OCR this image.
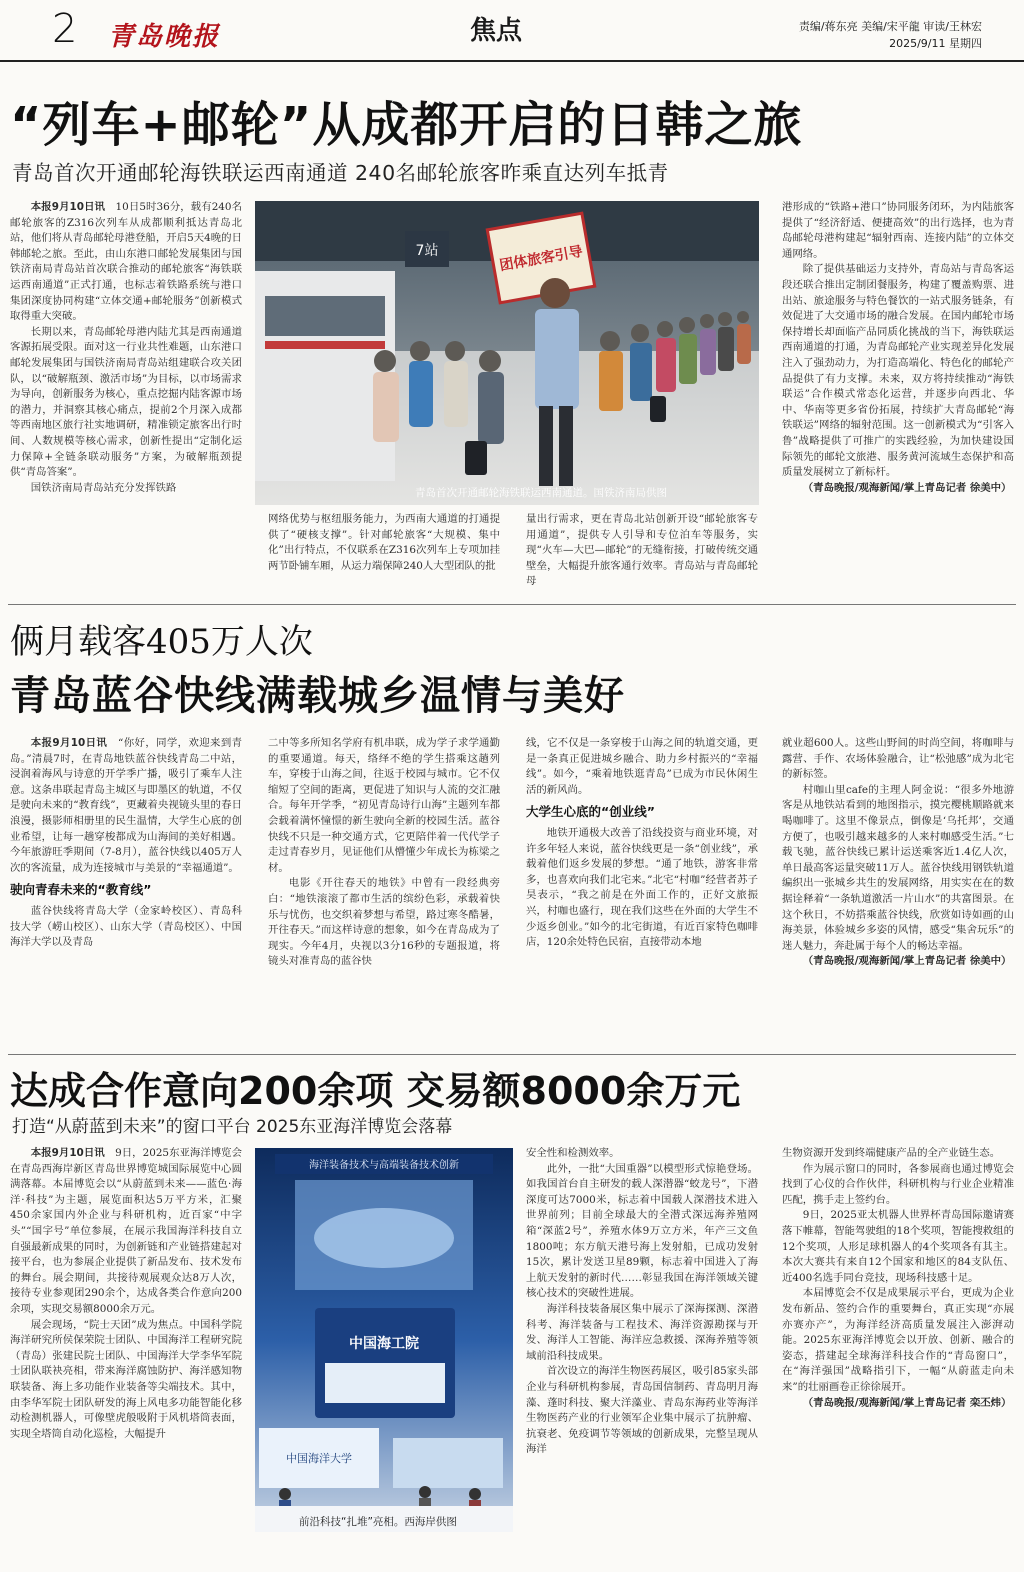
2 青岛晚报	焦点	责编/蒋东亮 美编/宋平龍 审读/王林宏
2025/9/11 星期四
“列车+邮轮”从成都开启的日韩之旅
青岛首次开通邮轮海铁联运西南通道 240名邮轮旅客昨乘直达列车抵青

本报9月10日讯　 10日5时36分，载有240名邮轮旅客的Z316次列车从成都顺利抵达青岛北站，他们将从青岛邮轮母港登船，开启5天4晚的日韩邮轮之旅。至此，由山东港口邮轮发展集团与国铁济南局青岛站首次联合推动的邮轮旅客“海铁联运西南通道”正式打通，也标志着铁路系统与港口集团深度协同构建“立体交通+邮轮服务”创新模式取得重大突破。

长期以来，青岛邮轮母港内陆尤其是西南通道客源拓展受限。面对这一行业共性难题，山东港口邮轮发展集团与国铁济南局青岛站组建联合攻关团队，以“破解瓶颈、激活市场”为目标，以市场需求为导向，创新服务为核心，重点挖掘内陆客源市场的潜力，并洞察其核心痛点，提前2个月深入成都等西南地区旅行社实地调研，精准锁定旅客出行时间、人数规模等核心需求，创新性提出“定制化运力保障+全链条联动服务”方案，为破解瓶颈提供“青岛答案”。

国铁济南局青岛站充分发挥铁路

7站	团体旅客引导
青岛首次开通邮轮海铁联运西南通道。国铁济南局供图

网络优势与枢纽服务能力，为西南大通道的打通提供了“硬核支撑”。针对邮轮旅客“大规模、集中化”出行特点，不仅联系在Z316次列车上专项加挂两节卧铺车厢，从运力端保障240人大型团队的批

量出行需求，更在青岛北站创新开设“邮轮旅客专用通道”，提供专人引导和专位泊车等服务，实现“火车—大巴—邮轮”的无缝衔接，打破传统交通壁垒，大幅提升旅客通行效率。青岛站与青岛邮轮母

港形成的“铁路+港口”协同服务闭环，为内陆旅客提供了“经济舒适、便捷高效”的出行选择，也为青岛邮轮母港构建起“辐射西南、连接内陆”的立体交通网络。

除了提供基础运力支持外，青岛站与青岛客运段还联合推出定制团餐服务，构建了覆盖购票、进出站、旅途服务与特色餐饮的一站式服务链条，有效促进了大交通市场的融合发展。在国内邮轮市场保持增长却面临产品同质化挑战的当下，海铁联运西南通道的打通，为青岛邮轮产业实现差异化发展注入了强劲动力，为打造高端化、特色化的邮轮产品提供了有力支撑。未来，双方将持续推动“海铁联运”合作模式常态化运营，并逐步向西北、华中、华南等更多省份拓展，持续扩大青岛邮轮“海铁联运”网络的辐射范围。这一创新模式为“引客入鲁”战略提供了可推广的实践经验，为加快建设国际领先的邮轮文旅港、服务黄河流域生态保护和高质量发展树立了新标杆。

（青岛晚报/观海新闻/掌上青岛记者 徐美中）

俩月载客405万人次
青岛蓝谷快线满载城乡温情与美好

本报9月10日讯　 “你好，同学，欢迎来到青岛。”清晨7时，在青岛地铁蓝谷快线青岛二中站，浸润着海风与诗意的开学季广播，吸引了乘车人注意。这条串联起青岛主城区与即墨区的轨道，不仅是驶向未来的“教育线”，更藏着央视镜头里的春日浪漫，摄影师相册里的民生温情，大学生心底的创业希望，让每一趟穿梭都成为山海间的美好相遇。今年旅游旺季期间（7-8月），蓝谷快线以405万人次的客流量，成为连接城市与美景的“幸福通道”。

驶向青春未来的“教育线”

蓝谷快线将青岛大学（金家岭校区）、青岛科技大学（崂山校区）、山东大学（青岛校区）、中国海洋大学以及青岛

二中等多所知名学府有机串联，成为学子求学通勤的重要通道。每天，络绎不绝的学生搭乘这趟列车，穿梭于山海之间，往返于校园与城市。它不仅缩短了空间的距离，更促进了知识与人流的交汇融合。每年开学季，“初见青岛诗行山海”主题列车都会载着满怀憧憬的新生驶向全新的校园生活。蓝谷快线不只是一种交通方式，它更陪伴着一代代学子走过青春岁月，见证他们从懵懂少年成长为栋梁之材。

电影《开往春天的地铁》中曾有一段经典旁白：“地铁滚滚了都市生活的缤纷色彩，承载着快乐与忧伤，也交织着梦想与希望，路过寒冬酷暑，开往春天。”而这样诗意的想象，如今在青岛成为了现实。今年4月，央视以3分16秒的专题报道，将镜头对准青岛的蓝谷快

线，它不仅是一条穿梭于山海之间的轨道交通，更是一条真正促进城乡融合、助力乡村振兴的“幸福线”。如今，“乘着地铁逛青岛”已成为市民休闲生活的新风尚。

大学生心底的“创业线”

地铁开通极大改善了沿线投资与商业环境，对许多年轻人来说，蓝谷快线更是一条“创业线”，承载着他们返乡发展的梦想。“通了地铁，游客非常多，也喜欢向我们北宅来。”北宅“村咖”经营者苏子昊表示，“我之前是在外面工作的，正好文旅振兴，村咖也盛行，现在我们这些在外面的大学生不少返乡创业。”如今的北宅街道，有近百家特色咖啡店，120余处特色民宿，直接带动本地

就业超600人。这些山野间的时尚空间，将咖啡与露营、手作、农场体验融合，让“松弛感”成为北宅的新标签。

村咖山里cafe的主理人阿金说：“很多外地游客是从地铁站看到的地图指示，摸完樱桃顺路就来喝咖啡了。这里不像景点，倒像是‘乌托邦’，交通方便了，也吸引越来越多的人来村咖感受生活。”七载飞驰，蓝谷快线已累计运送乘客近1.4亿人次，单日最高客运量突破11万人。蓝谷快线用钢铁轨道编织出一张城乡共生的发展网络，用实实在在的数据诠释着“一条轨道激活一片山水”的共富图景。在这个秋日，不妨搭乘蓝谷快线，欣赏如诗如画的山海美景，体验城乡多姿的风情，感受“集舍玩乐”的迷人魅力，奔赴属于每个人的畅达幸福。

（青岛晚报/观海新闻/掌上青岛记者 徐美中）

达成合作意向200余项 交易额8000余万元
打造“从蔚蓝到未来”的窗口平台 2025东亚海洋博览会落幕

本报9月10日讯　 9日，2025东亚海洋博览会在青岛西海岸新区青岛世界博览城国际展览中心圆满落幕。本届博览会以“从蔚蓝到未来——蓝色·海洋·科技”为主题，展览面积达5万平方米，汇聚450余家国内外企业与科研机构，近百家“中字头”“国字号”单位参展，在展示我国海洋科技自立自强最新成果的同时，为创新链和产业链搭建起对接平台，也为参展企业提供了新品发布、技术发布的舞台。展会期间，共接待观展观众达8万人次，接待专业参观团290余个，达成各类合作意向200余项，实现交易额8000余万元。

展会现场，“院士天团”成为焦点。中国科学院海洋研究所侯保荣院士团队、中国海洋工程研究院（青岛）张建民院士团队、中国海洋大学李华军院士团队联袂亮相，带来海洋腐蚀防护、海洋感知物联装备、海上多功能作业装备等尖端技术。其中，由李华军院士团队研发的海上风电多功能智能化移动检测机器人，可像壁虎般吸附于风机塔筒表面，实现全塔筒自动化巡检，大幅提升

海洋装备技术与高端装备技术创新
中国海工院
中国海洋大学
前沿科技“扎堆”亮相。西海岸供图

安全性和检测效率。

此外，一批“大国重器”以模型形式惊艳登场。如我国首台自主研发的载人深潜器“蛟龙号”，下潜深度可达7000米，标志着中国载人深潜技术进入世界前列；目前全球最大的全潜式深远海养殖网箱“深蓝2号”，养殖水体9万立方米，年产三文鱼1800吨；东方航天港号海上发射船，已成功发射15次，累计发送卫星89颗，标志着中国进入了海上航天发射的新时代……彰显我国在海洋领域关键核心技术的突破性进展。

海洋科技装备展区集中展示了深海探测、深潜科考、海洋装备与工程技术、海洋资源勘探与开发、海洋人工智能、海洋应急救援、深海养殖等领域前沿科技成果。

首次设立的海洋生物医药展区，吸引85家头部企业与科研机构参展，青岛国信制药、青岛明月海藻、蓬时科技、聚大洋藻业、青岛东海药业等海洋生物医药产业的行业领军企业集中展示了抗肿瘤、抗衰老、免疫调节等领域的创新成果，完整呈现从海洋

生物资源开发到终端健康产品的全产业链生态。

作为展示窗口的同时，各参展商也通过博览会找到了心仪的合作伙伴，科研机构与行业企业精准匹配，携手走上签约台。

9日，2025亚太机器人世界杯青岛国际邀请赛落下帷幕，智能驾驶组的18个奖项，智能搜救组的12个奖项，人形足球机器人的4个奖项各有其主。本次大赛共有来自12个国家和地区的84支队伍、近400名选手同台竞技，现场科技感十足。

本届博览会不仅是成果展示平台，更成为企业发布新品、签约合作的重要舞台，真正实现“亦展亦赛亦产”，为海洋经济高质量发展注入澎湃动能。2025东亚海洋博览会以开放、创新、融合的姿态，搭建起全球海洋科技合作的“青岛窗口”，在“海洋强国”战略指引下，一幅“从蔚蓝走向未来”的壮丽画卷正徐徐展开。

（青岛晚报/观海新闻/掌上青岛记者 栾丕炜）
